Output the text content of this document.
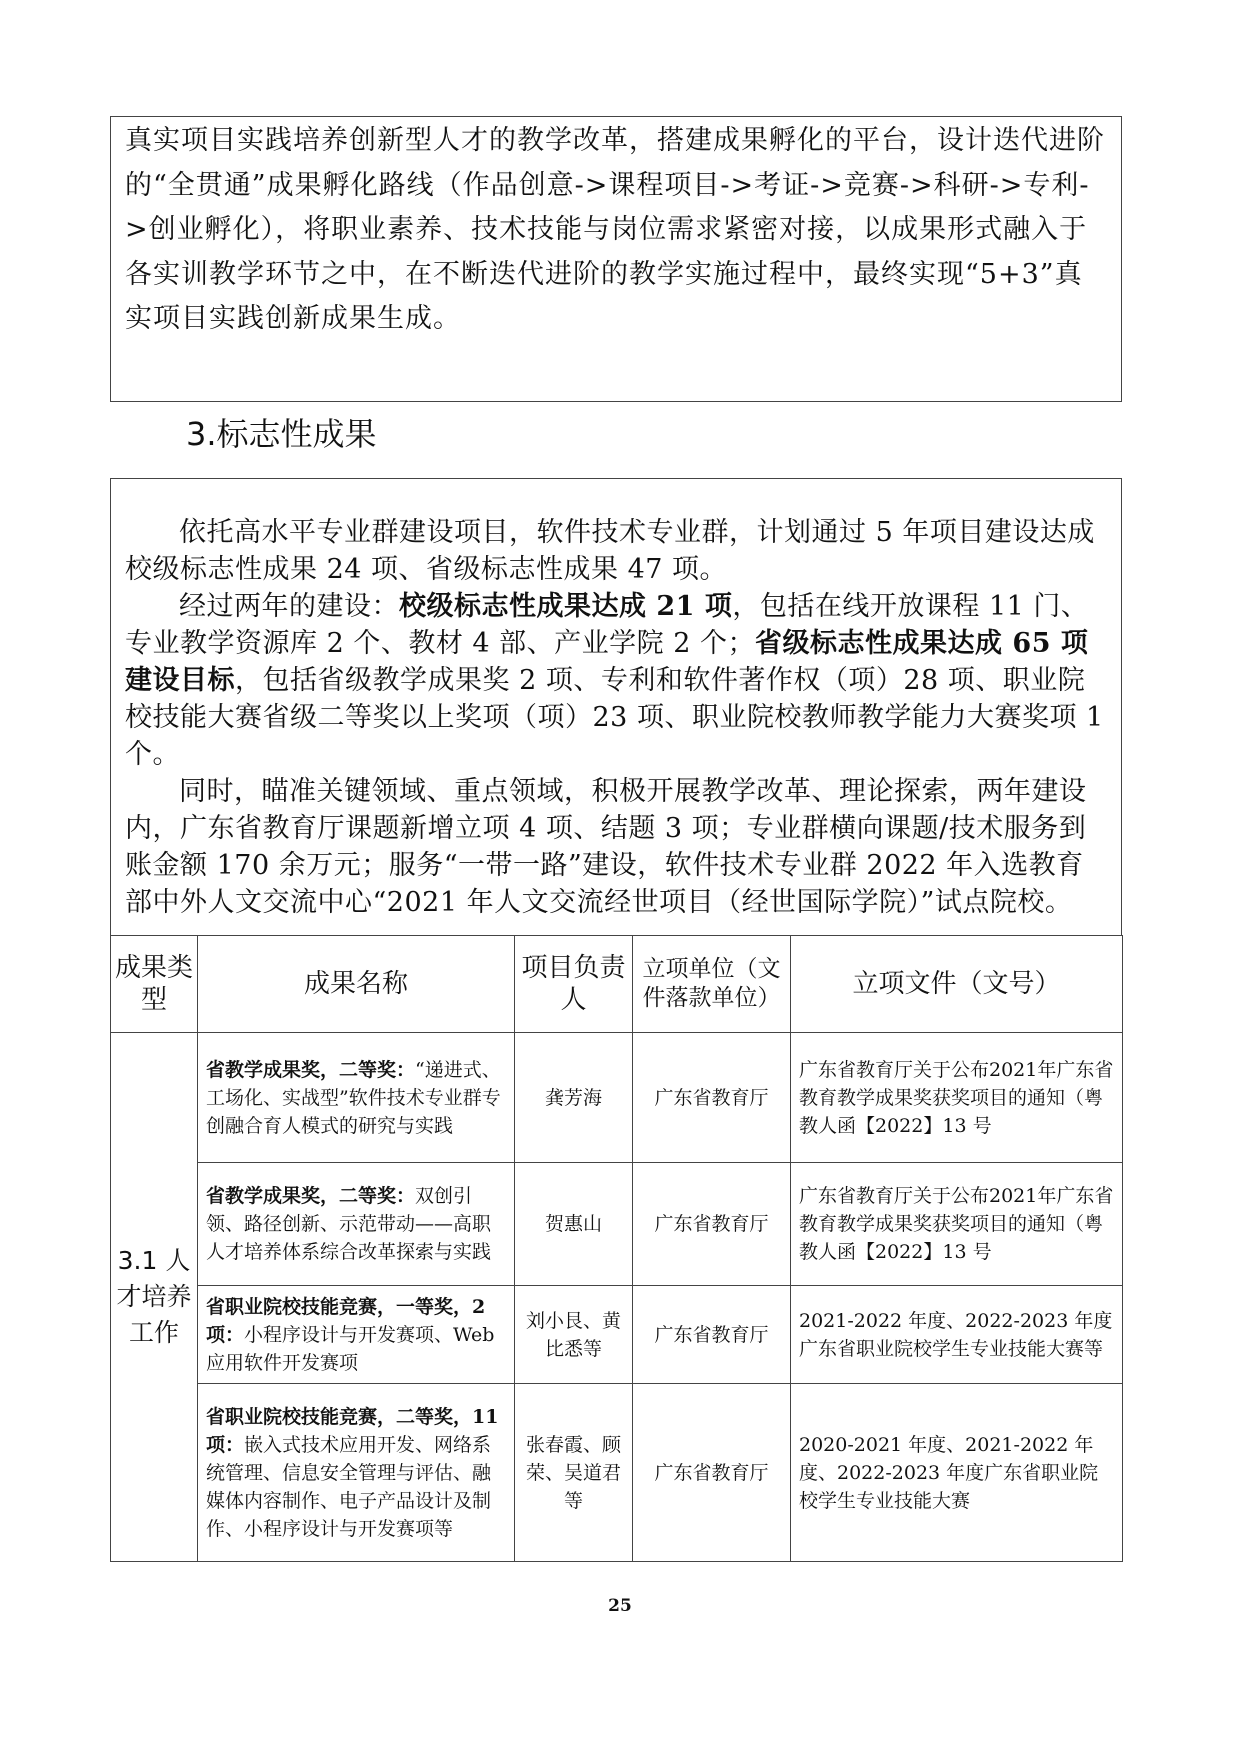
真实项目实践培养创新型人才的教学改革，搭建成果孵化的平台，设计迭代进阶的“全贯通”成果孵化路线（作品创意->课程项目->考证->竞赛->科研->专利->创业孵化），将职业素养、技术技能与岗位需求紧密对接，以成果形式融入于各实训教学环节之中，在不断迭代进阶的教学实施过程中，最终实现“5+3”真实项目实践创新成果生成。

3.标志性成果

依托高水平专业群建设项目，软件技术专业群，计划通过 5 年项目建设达成校级标志性成果 24 项、省级标志性成果 47 项。

经过两年的建设：校级标志性成果达成 21 项，包括在线开放课程 11 门、专业教学资源库 2 个、教材 4 部、产业学院 2 个；省级标志性成果达成 65 项建设目标，包括省级教学成果奖 2 项、专利和软件著作权（项）28 项、职业院校技能大赛省级二等奖以上奖项（项）23 项、职业院校教师教学能力大赛奖项 1 个。

同时，瞄准关键领域、重点领域，积极开展教学改革、理论探索，两年建设内，广东省教育厅课题新增立项 4 项、结题 3 项；专业群横向课题/技术服务到账金额 170 余万元；服务“一带一路”建设，软件技术专业群 2022 年入选教育部中外人文交流中心“2021 年人文交流经世项目（经世国际学院）”试点院校。

成果类型	成果名称	项目负责人	立项单位（文件落款单位）	立项文件（文号）
3.1 人才培养工作	省教学成果奖，二等奖：“递进式、工场化、实战型”软件技术专业群专创融合育人模式的研究与实践	龚芳海	广东省教育厅	广东省教育厅关于公布2021年广东省教育教学成果奖获奖项目的通知（粤教人函【2022】13 号
	省教学成果奖，二等奖：双创引领、路径创新、示范带动——高职人才培养体系综合改革探索与实践	贺惠山	广东省教育厅	广东省教育厅关于公布2021年广东省教育教学成果奖获奖项目的通知（粤教人函【2022】13 号
	省职业院校技能竞赛，一等奖，2 项：小程序设计与开发赛项、Web 应用软件开发赛项	刘小艮、黄比悉等	广东省教育厅	2021-2022 年度、2022-2023 年度广东省职业院校学生专业技能大赛等
	省职业院校技能竞赛，二等奖，11 项：嵌入式技术应用开发、网络系统管理、信息安全管理与评估、融媒体内容制作、电子产品设计及制作、小程序设计与开发赛项等	张春霞、顾荣、吴道君等	广东省教育厅	2020-2021 年度、2021-2022 年度、2022-2023 年度广东省职业院校学生专业技能大赛
25
